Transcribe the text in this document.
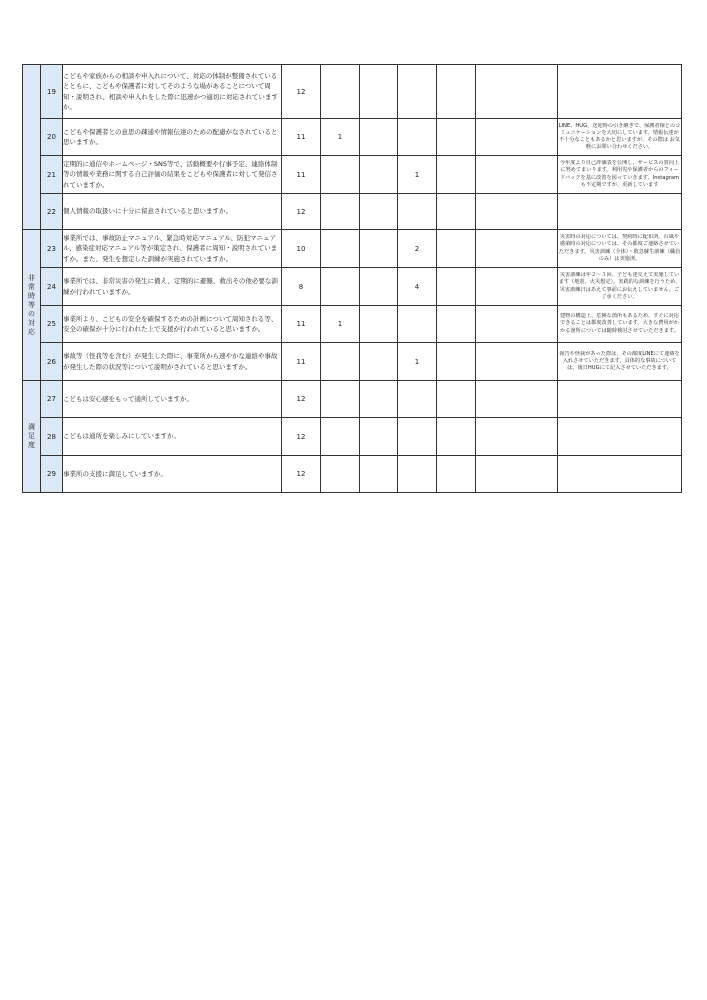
	19	こどもや家族からの相談や申入れについて、対応の体制が整備されているとともに、こどもや保護者に対してそのような場があることについて周知・説明され、相談や申入れをした際に迅速かつ適切に対応されていますか。	12						

	20	こどもや保護者との意思の疎通や情報伝達のための配慮がなされていると思いますか。	11	1					LINE、HUG、送迎時の引き継ぎで、保護者様とのコミュニケーションを大切にしています。情報伝達が不十分なこともあるかと思いますが、その際は お気軽にお問い合わせください。

	21	定期的に通信やホームページ・SNS等で、活動概要や行事予定、連絡体制等の情報や業務に関する自己評価の結果をこどもや保護者に対して発信されていますか。	11			1			今年度より自己評価表を公開し、サービスの質向上に努めてまいります。利用児や保護者からのフィードバックを基に改善を図っていきます。Instagramも不定期ですが、更新しています

	22	個人情報の取扱いに十分に留意されていると思いますか。	12						

非常時等の対応	23	事業所では、事故防止マニュアル、緊急時対応マニュアル、防犯マニュアル、感染症対応マニュアル等が策定され、保護者に周知・説明されていますか。また、発生を想定した訓練が実施されていますか。	10			2			災害時の対応については、契約時に配布済。台風や感染時の対応については、その都度ご連絡させていただきます。災害訓練（全体）・救急蘇生訓練（職員のみ）は実施済。

	24	事業所では、非常災害の発生に備え、定期的に避難、救出その他必要な訓練が行われていますか。	8			4			災害訓練は年２～３回、子ども達交えて実施しています（地震、火災想定）。実践的な訓練を行うため、災害訓練日はあえて事前にお伝えしていません。ご了承ください。

	25	事業所より、こどもの安全を確保するための計画について周知される等、安全の確保が十分に行われた上で支援が行われていると思いますか。	11	1					建物の構造上、危険な箇所もあるため、すぐに対応できることは都度改善しています。大きな費用がかかる箇所については随時検討させていただきます。

	26	事故等（怪我等を含む）が発生した際に、事業所から速やかな連絡や事故が発生した際の状況等について説明がされていると思いますか。	11			1			報告や怪我があった際は、その都度LINEにて連絡を入れさせていただきます。具体的な事故については、後日HUGにて記入させていただきます。

満足度	27	こどもは安心感をもって通所していますか。	12						

	28	こどもは通所を楽しみにしていますか。	12						

	29	事業所の支援に満足していますか。	12						
